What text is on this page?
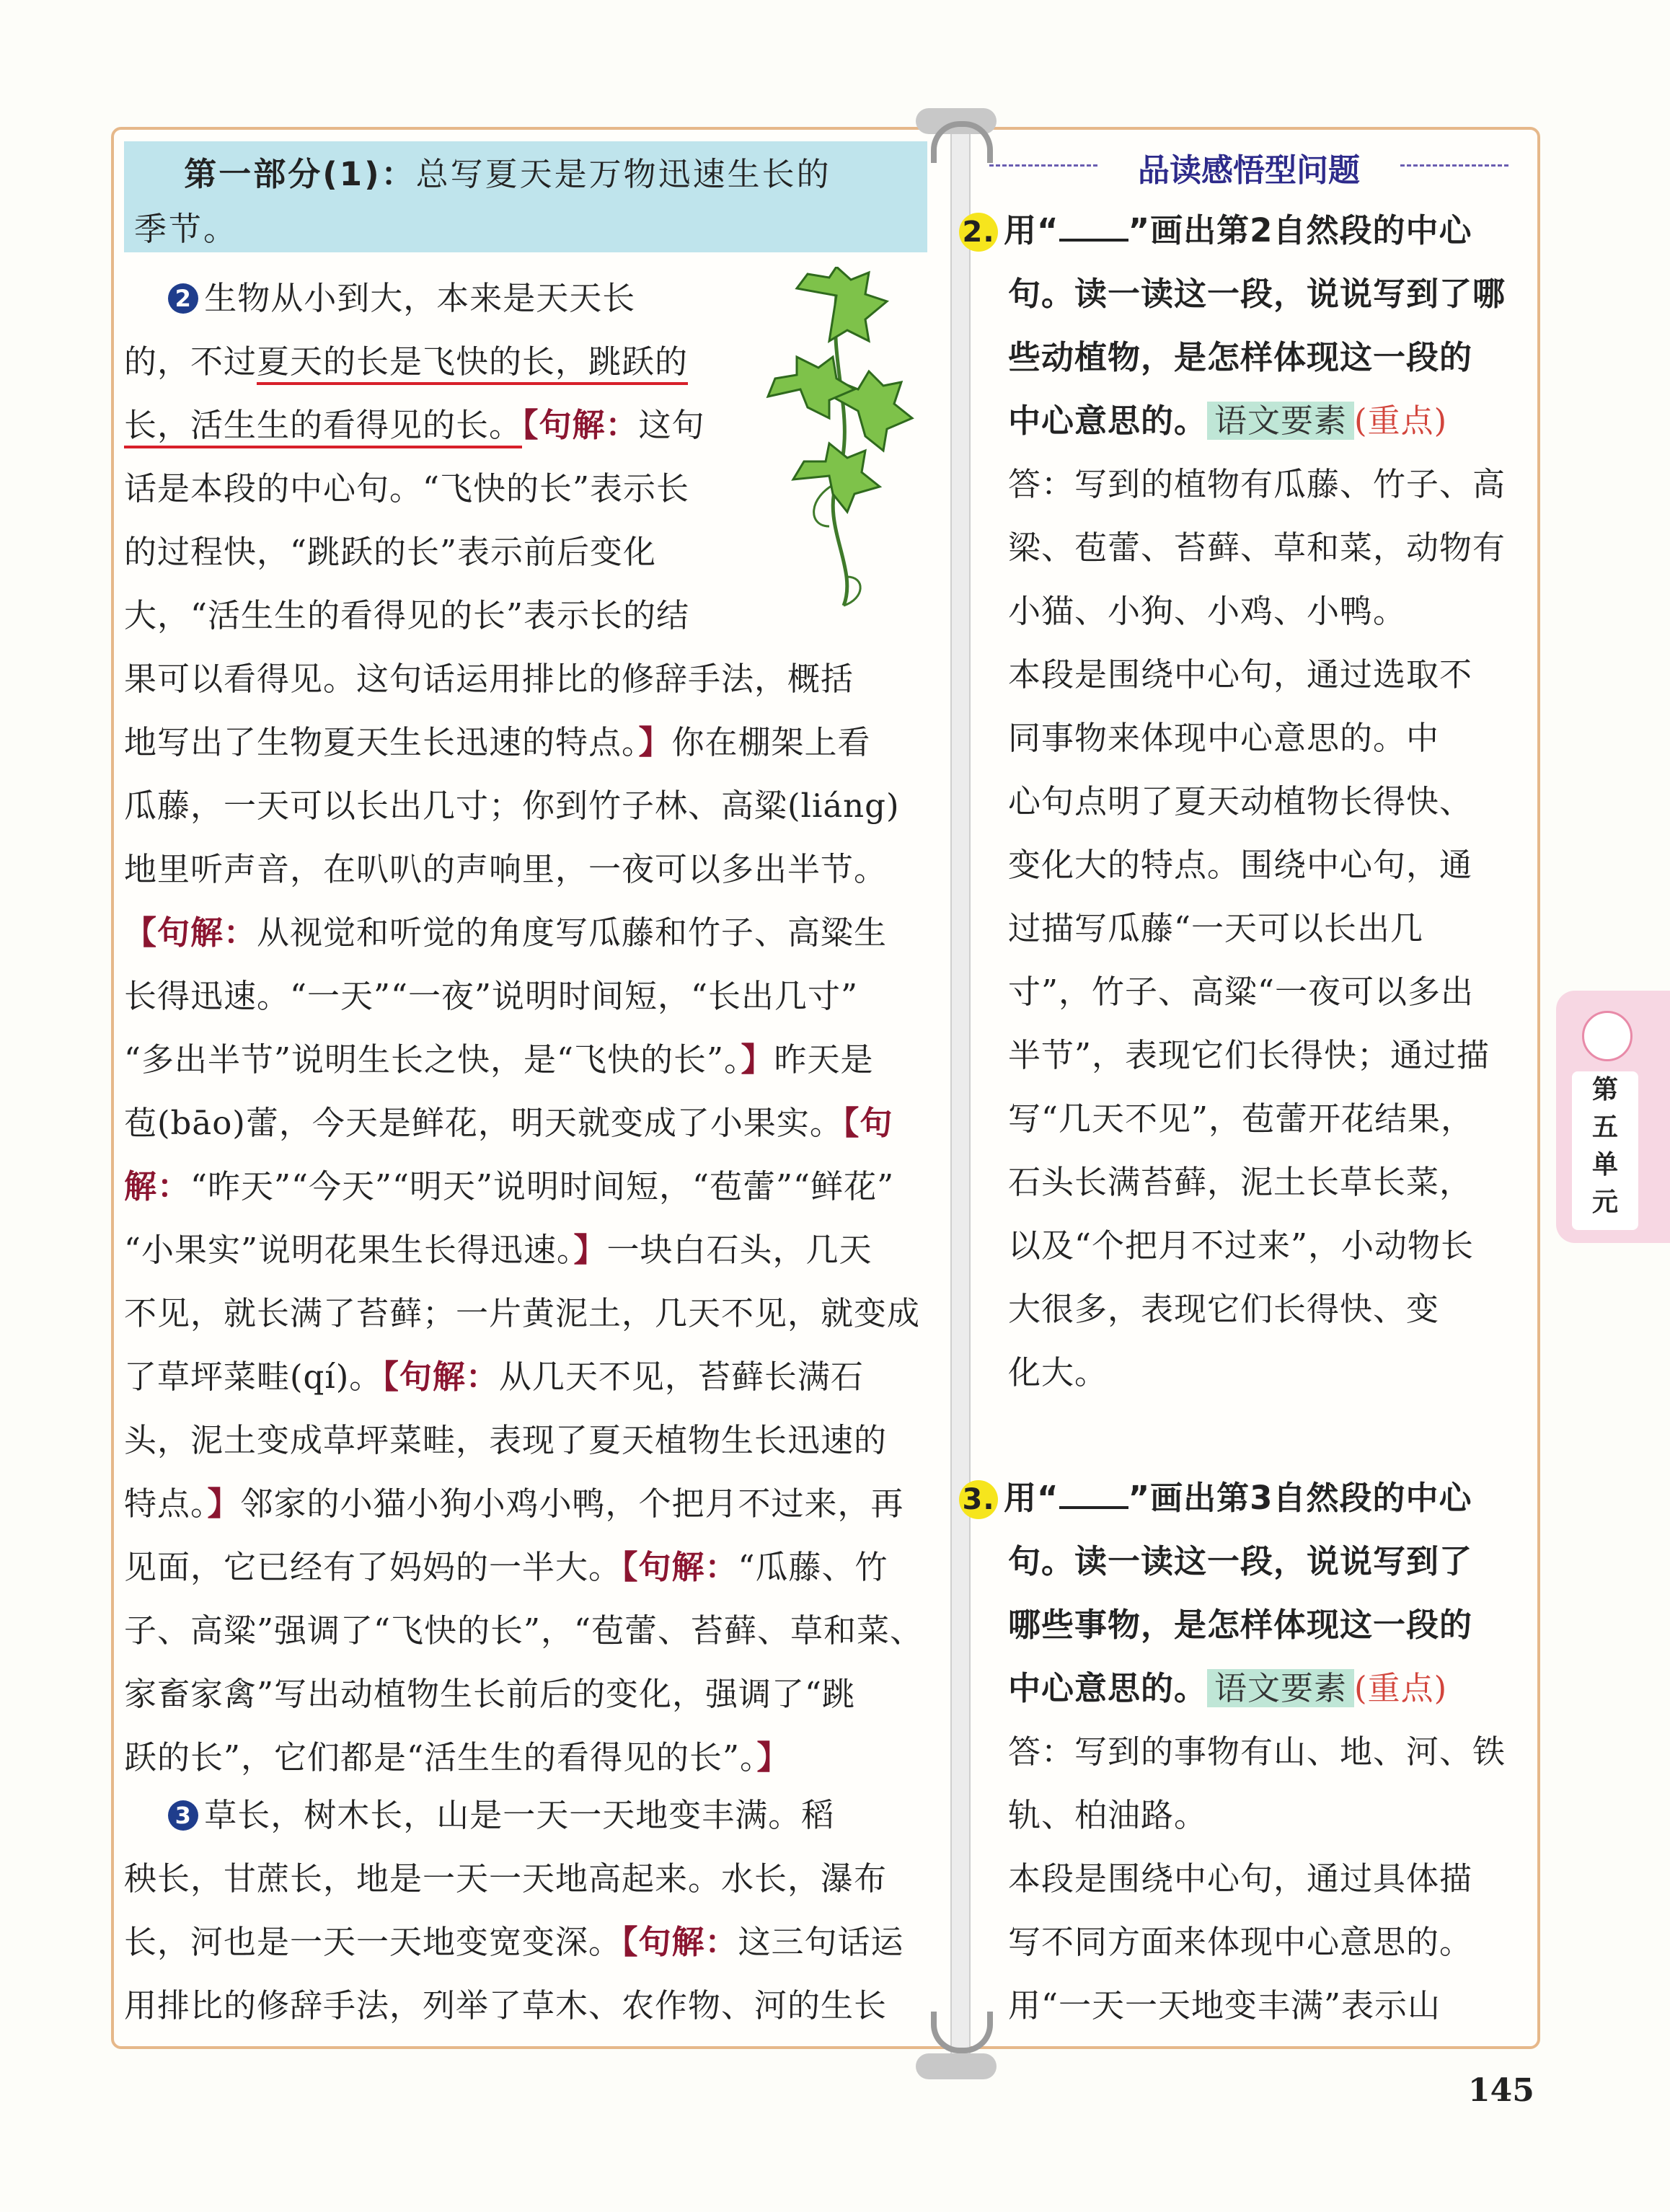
第一部分(1)：总写夏天是万物迅速生长的
季节。
2 生物从小到大，本来是天天长
的，不过夏天的长是飞快的长，跳跃的
长，活生生的看得见的长。【句解：这句
话是本段的中心句。“飞快的长”表示长
的过程快，“跳跃的长”表示前后变化
大，“活生生的看得见的长”表示长的结
果可以看得见。这句话运用排比的修辞手法，概括
地写出了生物夏天生长迅速的特点。】你在棚架上看
瓜藤，一天可以长出几寸；你到竹子林、高粱(liáng)
地里听声音，在叭叭的声响里，一夜可以多出半节。
【句解：从视觉和听觉的角度写瓜藤和竹子、高粱生
长得迅速。“一天”“一夜”说明时间短，“长出几寸”
“多出半节”说明生长之快，是“飞快的长”。】昨天是
苞(bāo)蕾，今天是鲜花，明天就变成了小果实。【句
解：“昨天”“今天”“明天”说明时间短，“苞蕾”“鲜花”
“小果实”说明花果生长得迅速。】一块白石头，几天
不见，就长满了苔藓；一片黄泥土，几天不见，就变成
了草坪菜畦(qí)。【句解：从几天不见，苔藓长满石
头，泥土变成草坪菜畦，表现了夏天植物生长迅速的
特点。】邻家的小猫小狗小鸡小鸭，个把月不过来，再
见面，它已经有了妈妈的一半大。【句解：“瓜藤、竹
子、高粱”强调了“飞快的长”，“苞蕾、苔藓、草和菜、
家畜家禽”写出动植物生长前后的变化，强调了“跳
跃的长”，它们都是“活生生的看得见的长”。】
3 草长，树木长，山是一天一天地变丰满。稻
秧长，甘蔗长，地是一天一天地高起来。水长，瀑布
长，河也是一天一天地变宽变深。【句解：这三句话运
用排比的修辞手法，列举了草木、农作物、河的生长
品读感悟型问题
2. 用“ ”画出第2自然段的中心
句。读一读这一段，说说写到了哪
些动植物，是怎样体现这一段的
中心意思的。 语文要素 (重点)
答：写到的植物有瓜藤、竹子、高
梁、苞蕾、苔藓、草和菜，动物有
小猫、小狗、小鸡、小鸭。
本段是围绕中心句，通过选取不
同事物来体现中心意思的。中
心句点明了夏天动植物长得快、
变化大的特点。围绕中心句，通
过描写瓜藤“一天可以长出几
寸”，竹子、高粱“一夜可以多出
半节”，表现它们长得快；通过描
写“几天不见”，苞蕾开花结果，
石头长满苔藓，泥土长草长菜，
以及“个把月不过来”，小动物长
大很多，表现它们长得快、变
化大。
3. 用“ ”画出第3自然段的中心
句。读一读这一段，说说写到了
哪些事物，是怎样体现这一段的
中心意思的。 语文要素 (重点)
答：写到的事物有山、地、河、铁
轨、柏油路。
本段是围绕中心句，通过具体描
写不同方面来体现中心意思的。
用“一天一天地变丰满”表示山
第
五
单
元
145
